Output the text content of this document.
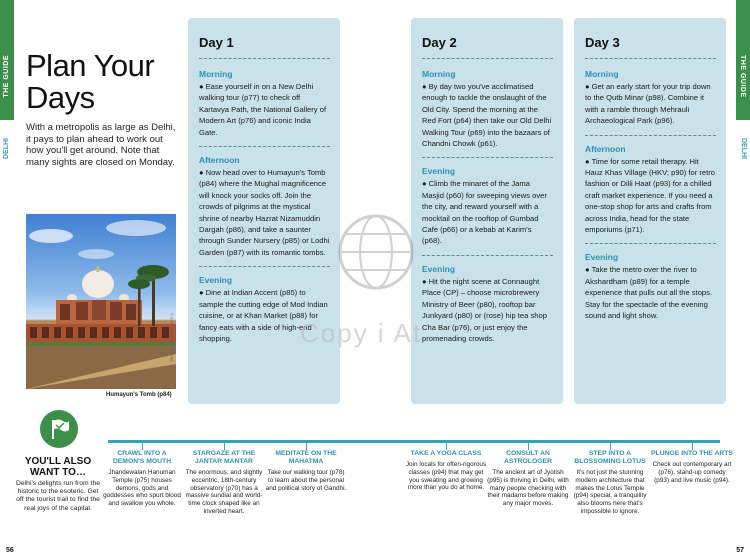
THE GUIDE
DELHI
THE GUIDE
DELHI
Plan Your
Days

With a metropolis as large as Delhi, it pays to plan ahead to work out how you'll get around. Note that many sights are closed on Monday.

SEAN3810/GETTY IMAGES ©
Humayun's Tomb (p84)
Day 1
Morning

● Ease yourself in on a New Delhi walking tour (p77) to check off Kartavya Path, the National Gallery of Modern Art (p76) and iconic India Gate.

Afternoon

● Now head over to Humayun's Tomb (p84) where the Mughal magnificence will knock your socks off. Join the crowds of pilgrims at the mystical shrine of nearby Hazrat Nizamuddin Dargah (p86), and take a saunter through Sunder Nursery (p85) or Lodhi Garden (p87) with its romantic tombs.

Evening

● Dine at Indian Accent (p85) to sample the cutting edge of Mod Indian cuisine, or at Khan Market (p88) for fancy eats with a side of high-end shopping.

Day 2
Morning

● By day two you've acclimatised enough to tackle the onslaught of the Old City. Spend the morning at the Red Fort (p64) then take our Old Delhi Walking Tour (p69) into the bazaars of Chandni Chowk (p61).

Evening

● Climb the minaret of the Jama Masjid (p60) for sweeping views over the city, and reward yourself with a mocktail on the rooftop of Gumbad Cafe (p66) or a kebab at Karim's (p68).

Evening

● Hit the night scene at Connaught Place (CP) – choose microbrewery Ministry of Beer (p80), rooftop bar Junkyard (p80) or (rose) hip tea shop Cha Bar (p76), or just enjoy the promenading crowds.

Day 3
Morning

● Get an early start for your trip down to the Qutb Minar (p98). Combine it with a ramble through Mehrauli Archaeological Park (p96).

Afternoon

● Time for some retail therapy. Hit Hauz Khas Village (HKV; p90) for retro fashion or Dilli Haat (p93) for a chilled craft market experience. If you need a one-stop shop for arts and crafts from across India, head for the state emporiums (p71).

Evening

● Take the metro over the river to Akshardham (p89) for a temple experience that pulls out all the stops. Stay for the spectacle of the evening sound and light show.

Copy i At
YOU'LL ALSO WANT TO…

Delhi's delights run from the historic to the esoteric. Get off the tourist trail to find the real joys of the capital.

CRAWL INTO A DEMON'S MOUTH
Jhandewalan Hanuman Temple (p75) houses demons, gods and goddesses who spurt blood and swallow you whole.
STARGAZE AT THE JANTAR MANTAR
The enormous, and slightly eccentric, 18th-century observatory (p70) has a massive sundial and world-time clock shaped like an inverted heart.
MEDITATE ON THE MAHATMA
Take our walking tour (p78) to learn about the personal and political story of Gandhi.
TAKE A YOGA CLASS
Join locals for often-rigorous classes (p94) that may get you sweating and growing more than you do at home.
CONSULT AN ASTROLOGER
The ancient art of Jyotish (p95) is thriving in Delhi, with many people checking with their madams before making any major moves.
STEP INTO A BLOSSOMING LOTUS
It's not just the stunning modern architecture that makes the Lotus Temple (p94) special, a tranquility also blooms here that's impossible to ignore.
PLUNGE INTO THE ARTS
Check out contemporary art (p76), stand-up comedy (p93) and live music (p94).
56	57
